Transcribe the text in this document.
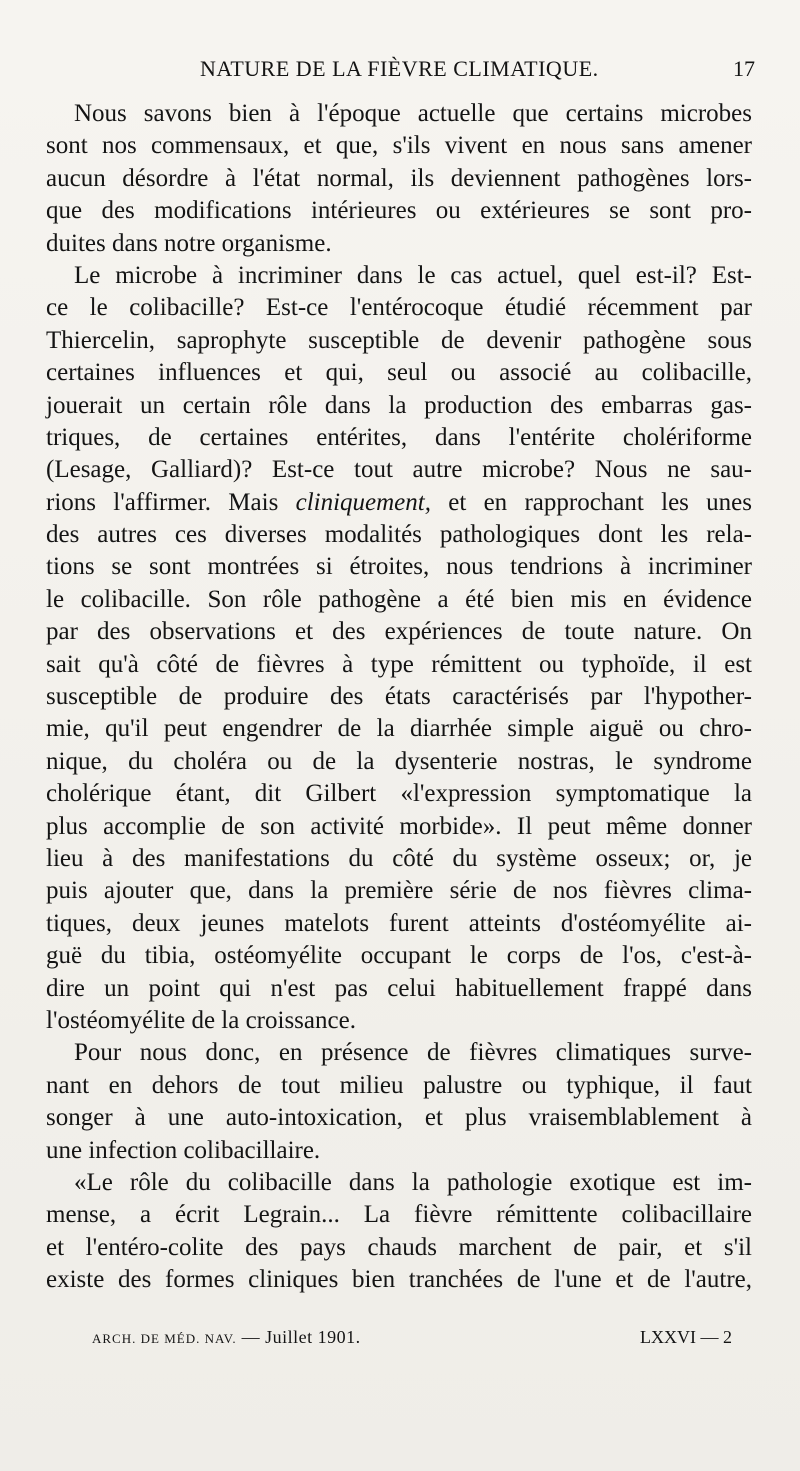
NATURE DE LA FIÈVRE CLIMATIQUE.	17
Nous savons bien à l'époque actuelle que certains microbes
sont nos commensaux, et que, s'ils vivent en nous sans amener
aucun désordre à l'état normal, ils deviennent pathogènes lors-
que des modifications intérieures ou extérieures se sont pro-
duites dans notre organisme.
Le microbe à incriminer dans le cas actuel, quel est-il? Est-
ce le colibacille? Est-ce l'entérocoque étudié récemment par
Thiercelin, saprophyte susceptible de devenir pathogène sous
certaines influences et qui, seul ou associé au colibacille,
jouerait un certain rôle dans la production des embarras gas-
triques, de certaines entérites, dans l'entérite cholériforme
(Lesage, Galliard)? Est-ce tout autre microbe? Nous ne sau-
rions l'affirmer. Mais cliniquement, et en rapprochant les unes
des autres ces diverses modalités pathologiques dont les rela-
tions se sont montrées si étroites, nous tendrions à incriminer
le colibacille. Son rôle pathogène a été bien mis en évidence
par des observations et des expériences de toute nature. On
sait qu'à côté de fièvres à type rémittent ou typhoïde, il est
susceptible de produire des états caractérisés par l'hypother-
mie, qu'il peut engendrer de la diarrhée simple aiguë ou chro-
nique, du choléra ou de la dysenterie nostras, le syndrome
cholérique étant, dit Gilbert «l'expression symptomatique la
plus accomplie de son activité morbide». Il peut même donner
lieu à des manifestations du côté du système osseux; or, je
puis ajouter que, dans la première série de nos fièvres clima-
tiques, deux jeunes matelots furent atteints d'ostéomyélite ai-
guë du tibia, ostéomyélite occupant le corps de l'os, c'est-à-
dire un point qui n'est pas celui habituellement frappé dans
l'ostéomyélite de la croissance.
Pour nous donc, en présence de fièvres climatiques surve-
nant en dehors de tout milieu palustre ou typhique, il faut
songer à une auto-intoxication, et plus vraisemblablement à
une infection colibacillaire.
«Le rôle du colibacille dans la pathologie exotique est im-
mense, a écrit Legrain... La fièvre rémittente colibacillaire
et l'entéro-colite des pays chauds marchent de pair, et s'il
existe des formes cliniques bien tranchées de l'une et de l'autre,
ARCH. DE MÉD. NAV. — Juillet 1901.	LXXVI — 2
